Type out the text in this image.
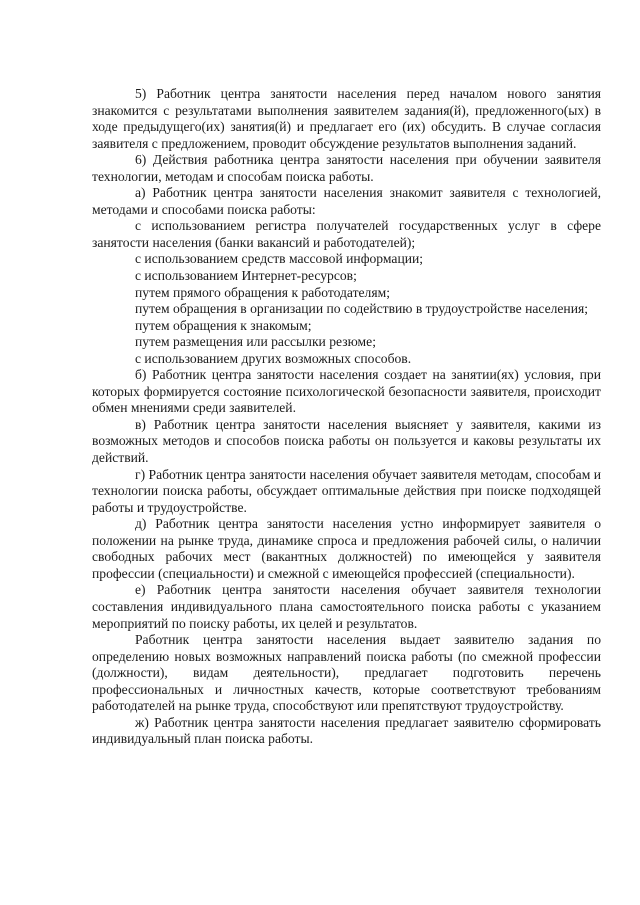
5) Работник центра занятости населения перед началом нового занятия знакомится с результатами выполнения заявителем задания(й), предложенного(ых) в ходе предыдущего(их) занятия(й) и предлагает его (их) обсудить. В случае согласия заявителя с предложением, проводит обсуждение результатов выполнения заданий.

6) Действия работника центра занятости населения при обучении заявителя технологии, методам и способам поиска работы.

а) Работник центра занятости населения знакомит заявителя с технологией, методами и способами поиска работы:

с использованием регистра получателей государственных услуг в сфере занятости населения (банки вакансий и работодателей);

с использованием средств массовой информации;

с использованием Интернет-ресурсов;

путем прямого обращения к работодателям;

путем обращения в организации по содействию в трудоустройстве населения;

путем обращения к знакомым;

путем размещения или рассылки резюме;

с использованием других возможных способов.

б) Работник центра занятости населения создает на занятии(ях) условия, при которых формируется состояние психологической безопасности заявителя, происходит обмен мнениями среди заявителей.

в) Работник центра занятости населения выясняет у заявителя, какими из возможных методов и способов поиска работы он пользуется и каковы результаты их действий.

г) Работник центра занятости населения обучает заявителя методам, способам и технологии поиска работы, обсуждает оптимальные действия при поиске подходящей работы и трудоустройстве.

д) Работник центра занятости населения устно информирует заявителя о положении на рынке труда, динамике спроса и предложения рабочей силы, о наличии свободных рабочих мест (вакантных должностей) по имеющейся у заявителя профессии (специальности) и смежной с имеющейся профессией (специальности).

е) Работник центра занятости населения обучает заявителя технологии составления индивидуального плана самостоятельного поиска работы с указанием мероприятий по поиску работы, их целей и результатов.

Работник центра занятости населения выдает заявителю задания по определению новых возможных направлений поиска работы (по смежной профессии (должности), видам деятельности), предлагает подготовить перечень профессиональных и личностных качеств, которые соответствуют требованиям работодателей на рынке труда, способствуют или препятствуют трудоустройству.

ж) Работник центра занятости населения предлагает заявителю сформировать индивидуальный план поиска работы.
